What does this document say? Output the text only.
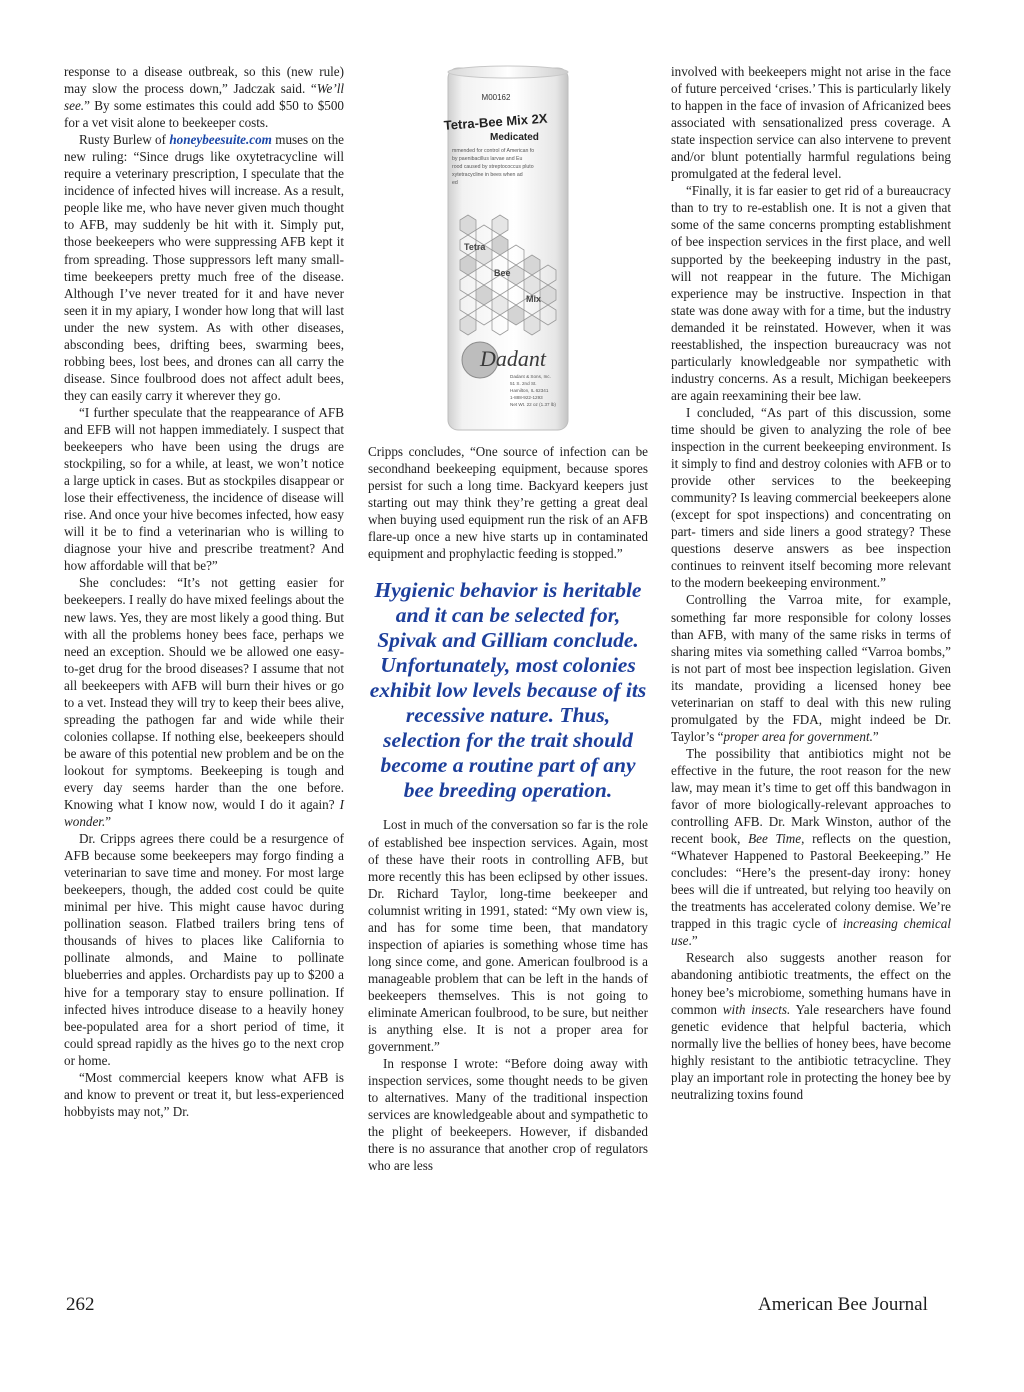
M00162
Tetra-Bee Mix 2X
Medicated
mmended for control of American fo
by paenibacillus larvae and Eu
rood caused by streptococcus pluto
xytetracycline in bees when ad
ed
Tetra
Bee
Mix
Dadant
Dadant & Sons, Inc.
51 S. 2nd St.
Hamilton, IL 62341
1-888-922-1293
Net Wt. 22 oz (1.37 lb)

response to a disease outbreak, so this (new rule) may slow the process down,” Jadczak said. “We’ll see.” By some estimates this could add $50 to $500 for a vet visit alone to beekeeper costs.

Rusty Burlew of honeybeesuite.com muses on the new ruling: “Since drugs like oxytetracycline will require a veterinary prescription, I speculate that the incidence of infected hives will increase. As a result, people like me, who have never given much thought to AFB, may suddenly be hit with it. Simply put, those beekeepers who were suppressing AFB kept it from spreading. Those suppressors left many small-time beekeepers pretty much free of the disease. Although I’ve never treated for it and have never seen it in my apiary, I wonder how long that will last under the new system. As with other diseases, absconding bees, drifting bees, swarming bees, robbing bees, lost bees, and drones can all carry the disease. Since foulbrood does not affect adult bees, they can easily carry it wherever they go.

“I further speculate that the reappearance of AFB and EFB will not happen immediately. I suspect that beekeepers who have been using the drugs are stockpiling, so for a while, at least, we won’t notice a large uptick in cases. But as stockpiles disappear or lose their effectiveness, the incidence of disease will rise. And once your hive becomes infected, how easy will it be to find a veterinarian who is willing to diagnose your hive and prescribe treatment? And how affordable will that be?”

She concludes: “It’s not getting easier for beekeepers. I really do have mixed feelings about the new laws. Yes, they are most likely a good thing. But with all the problems honey bees face, perhaps we need an exception. Should we be allowed one easy-to-get drug for the brood diseases? I assume that not all beekeepers with AFB will burn their hives or go to a vet. Instead they will try to keep their bees alive, spreading the pathogen far and wide while their colonies collapse. If nothing else, beekeepers should be aware of this potential new problem and be on the lookout for symptoms. Beekeeping is tough and every day seems harder than the one before. Knowing what I know now, would I do it again? I wonder.”

Dr. Cripps agrees there could be a resurgence of AFB because some beekeepers may forgo finding a veterinarian to save time and money. For most large beekeepers, though, the added cost could be quite minimal per hive. This might cause havoc during pollination season. Flatbed trailers bring tens of thousands of hives to places like California to pollinate almonds, and Maine to pollinate blueberries and apples. Orchardists pay up to $200 a hive for a temporary stay to ensure pollination. If infected hives introduce disease to a heavily honey bee-populated area for a short period of time, it could spread rapidly as the hives go to the next crop or home.

“Most commercial keepers know what AFB is and know to prevent or treat it, but less-experienced hobbyists may not,” Dr.

Cripps concludes, “One source of infection can be secondhand beekeeping equipment, because spores persist for such a long time. Backyard keepers just starting out may think they’re getting a great deal when buying used equipment run the risk of an AFB flare-up once a new hive starts up in contaminated equipment and prophylactic feeding is stopped.”

Hygienic behavior is heritable and it can be selected for, Spivak and Gilliam conclude. Unfortunately, most colonies exhibit low levels because of its recessive nature. Thus, selection for the trait should become a routine part of any bee breeding operation.

Lost in much of the conversation so far is the role of established bee inspection services. Again, most of these have their roots in controlling AFB, but more recently this has been eclipsed by other issues. Dr. Richard Taylor, long-time beekeeper and columnist writing in 1991, stated: “My own view is, and has for some time been, that mandatory inspection of apiaries is something whose time has long since come, and gone. American foulbrood is a manageable problem that can be left in the hands of beekeepers themselves. This is not going to eliminate American foulbrood, to be sure, but neither is anything else. It is not a proper area for government.”

In response I wrote: “Before doing away with inspection services, some thought needs to be given to alternatives. Many of the traditional inspection services are knowledgeable about and sympathetic to the plight of beekeepers. However, if disbanded there is no assurance that another crop of regulators who are less

involved with beekeepers might not arise in the face of future perceived ‘crises.’ This is particularly likely to happen in the face of invasion of Africanized bees associated with sensationalized press coverage. A state inspection service can also intervene to prevent and/or blunt potentially harmful regulations being promulgated at the federal level.

“Finally, it is far easier to get rid of a bureaucracy than to try to re-establish one. It is not a given that some of the same concerns prompting establishment of bee inspection services in the first place, and well supported by the beekeeping industry in the past, will not reappear in the future. The Michigan experience may be instructive. Inspection in that state was done away with for a time, but the industry demanded it be reinstated. However, when it was reestablished, the inspection bureaucracy was not particularly knowledgeable nor sympathetic with industry concerns. As a result, Michigan beekeepers are again reexamining their bee law.

I concluded, “As part of this discussion, some time should be given to analyzing the role of bee inspection in the current beekeeping environment. Is it simply to find and destroy colonies with AFB or to provide other services to the beekeeping community? Is leaving commercial beekeepers alone (except for spot inspections) and concentrating on part- timers and side liners a good strategy? These questions deserve answers as bee inspection continues to reinvent itself becoming more relevant to the modern beekeeping environment.”

Controlling the Varroa mite, for example, something far more responsible for colony losses than AFB, with many of the same risks in terms of sharing mites via something called “Varroa bombs,” is not part of most bee inspection legislation. Given its mandate, providing a licensed honey bee veterinarian on staff to deal with this new ruling promulgated by the FDA, might indeed be Dr. Taylor’s “proper area for government.”

The possibility that antibiotics might not be effective in the future, the root reason for the new law, may mean it’s time to get off this bandwagon in favor of more biologically-relevant approaches to controlling AFB. Dr. Mark Winston, author of the recent book, Bee Time, reflects on the question, “Whatever Happened to Pastoral Beekeeping.” He concludes: “Here’s the present-day irony: honey bees will die if untreated, but relying too heavily on the treatments has accelerated colony demise. We’re trapped in this tragic cycle of increasing chemical use.”

Research also suggests another reason for abandoning antibiotic treatments, the effect on the honey bee’s microbiome, something humans have in common with insects. Yale researchers have found genetic evidence that helpful bacteria, which normally live the bellies of honey bees, have become highly resistant to the antibiotic tetracycline. They play an important role in protecting the honey bee by neutralizing toxins found

262	American Bee Journal
